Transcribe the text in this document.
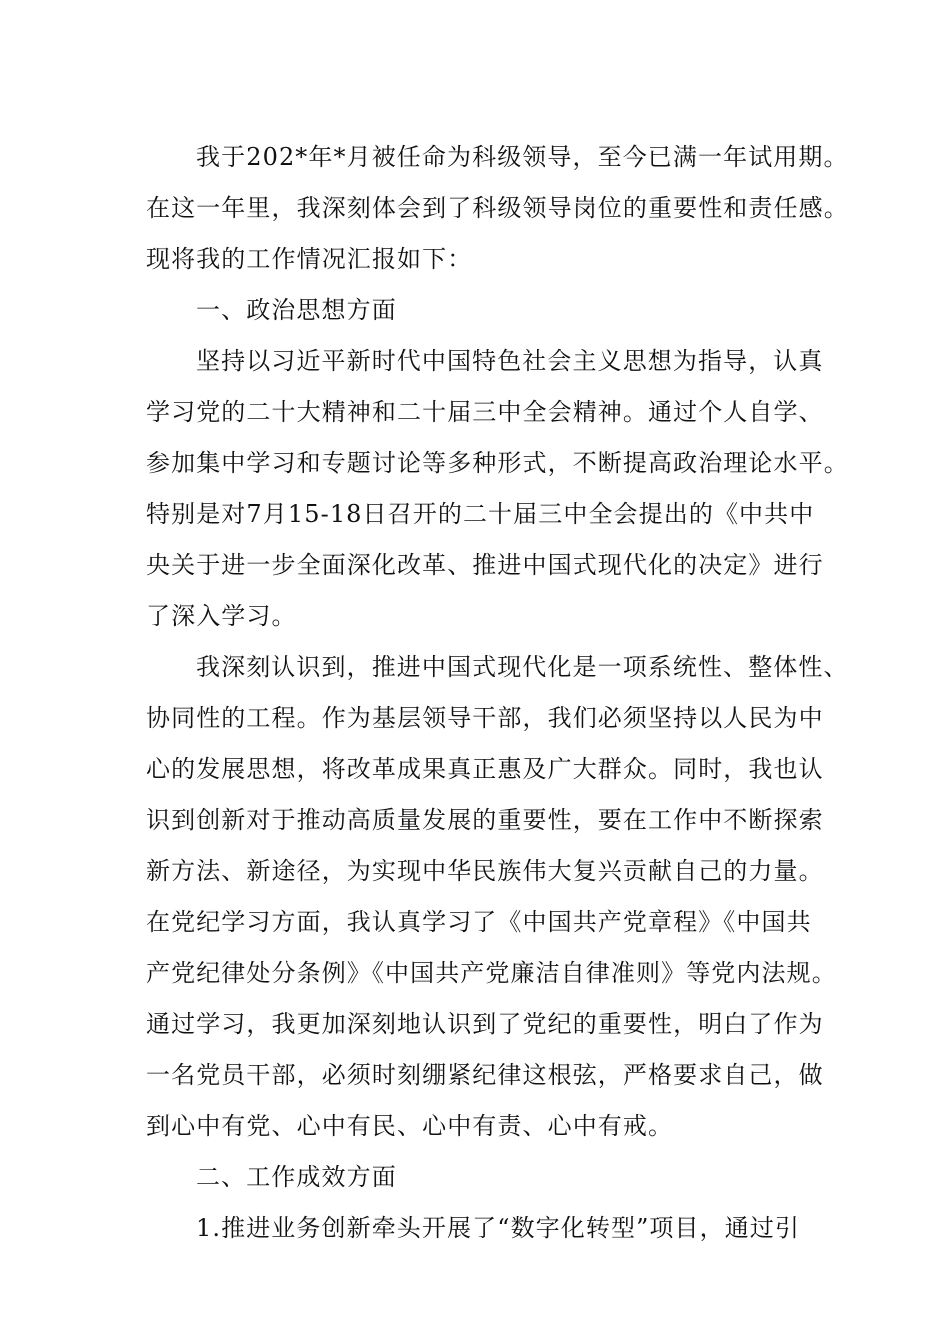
我于202*年*月被任命为科级领导，至今已满一年试用期。
在这一年里，我深刻体会到了科级领导岗位的重要性和责任感。
现将我的工作情况汇报如下：
一、政治思想方面
坚持以习近平新时代中国特色社会主义思想为指导，认真
学习党的二十大精神和二十届三中全会精神。通过个人自学、
参加集中学习和专题讨论等多种形式，不断提高政治理论水平。
特别是对7月15-18日召开的二十届三中全会提出的《中共中
央关于进一步全面深化改革、推进中国式现代化的决定》进行
了深入学习。
我深刻认识到，推进中国式现代化是一项系统性、整体性、
协同性的工程。作为基层领导干部，我们必须坚持以人民为中
心的发展思想，将改革成果真正惠及广大群众。同时，我也认
识到创新对于推动高质量发展的重要性，要在工作中不断探索
新方法、新途径，为实现中华民族伟大复兴贡献自己的力量。
在党纪学习方面，我认真学习了《中国共产党章程》《中国共
产党纪律处分条例》《中国共产党廉洁自律准则》等党内法规。
通过学习，我更加深刻地认识到了党纪的重要性，明白了作为
一名党员干部，必须时刻绷紧纪律这根弦，严格要求自己，做
到心中有党、心中有民、心中有责、心中有戒。
二、工作成效方面
1.推进业务创新牵头开展了“数字化转型”项目，通过引
